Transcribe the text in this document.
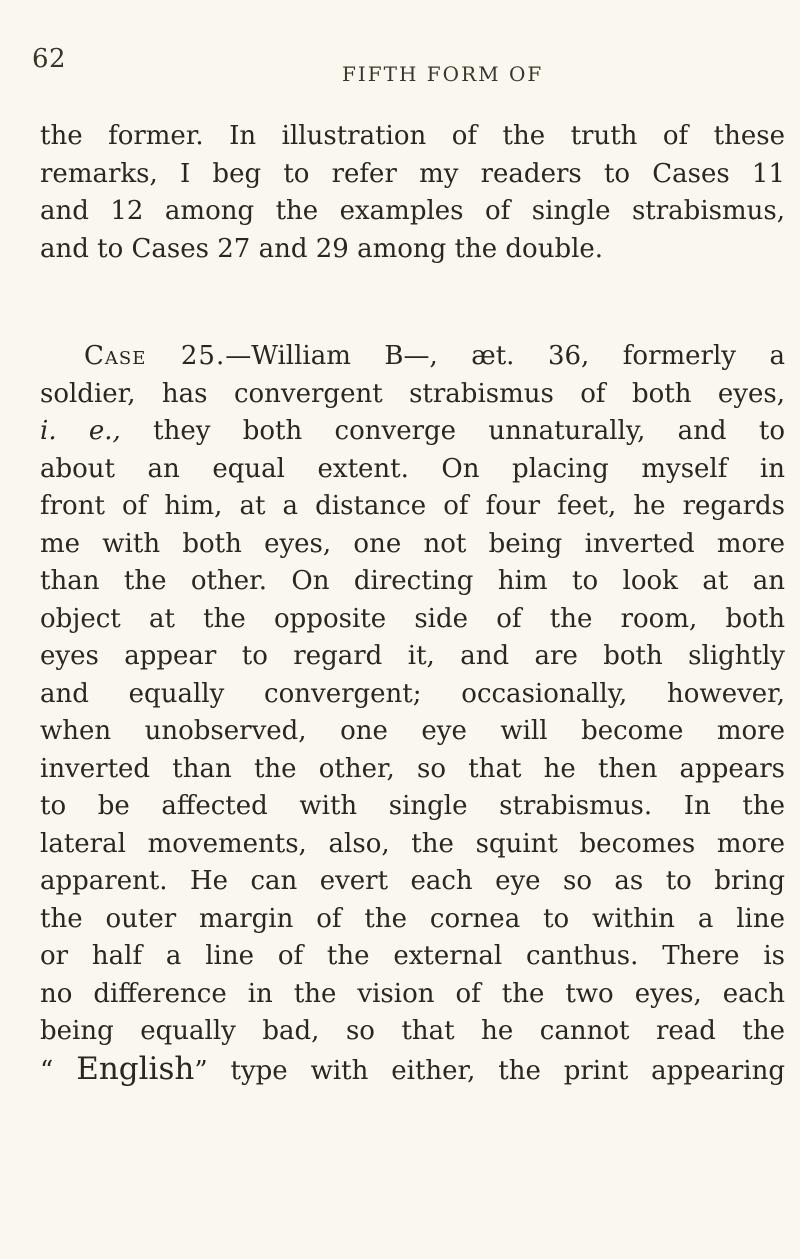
62	FIFTH FORM OF
the former. In illustration of the truth of these
remarks, I beg to refer my readers to Cases 11
and 12 among the examples of single strabismus,
and to Cases 27 and 29 among the double.
Case 25.—William B—, æt. 36, formerly a
soldier, has convergent strabismus of both eyes,
i. e., they both converge unnaturally, and to
about an equal extent. On placing myself in
front of him, at a distance of four feet, he regards
me with both eyes, one not being inverted more
than the other. On directing him to look at an
object at the opposite side of the room, both
eyes appear to regard it, and are both slightly
and equally convergent; occasionally, however,
when unobserved, one eye will become more
inverted than the other, so that he then appears
to be affected with single strabismus. In the
lateral movements, also, the squint becomes more
apparent. He can evert each eye so as to bring
the outer margin of the cornea to within a line
or half a line of the external canthus. There is
no difference in the vision of the two eyes, each
being equally bad, so that he cannot read the
“ English” type with either, the print appearing
